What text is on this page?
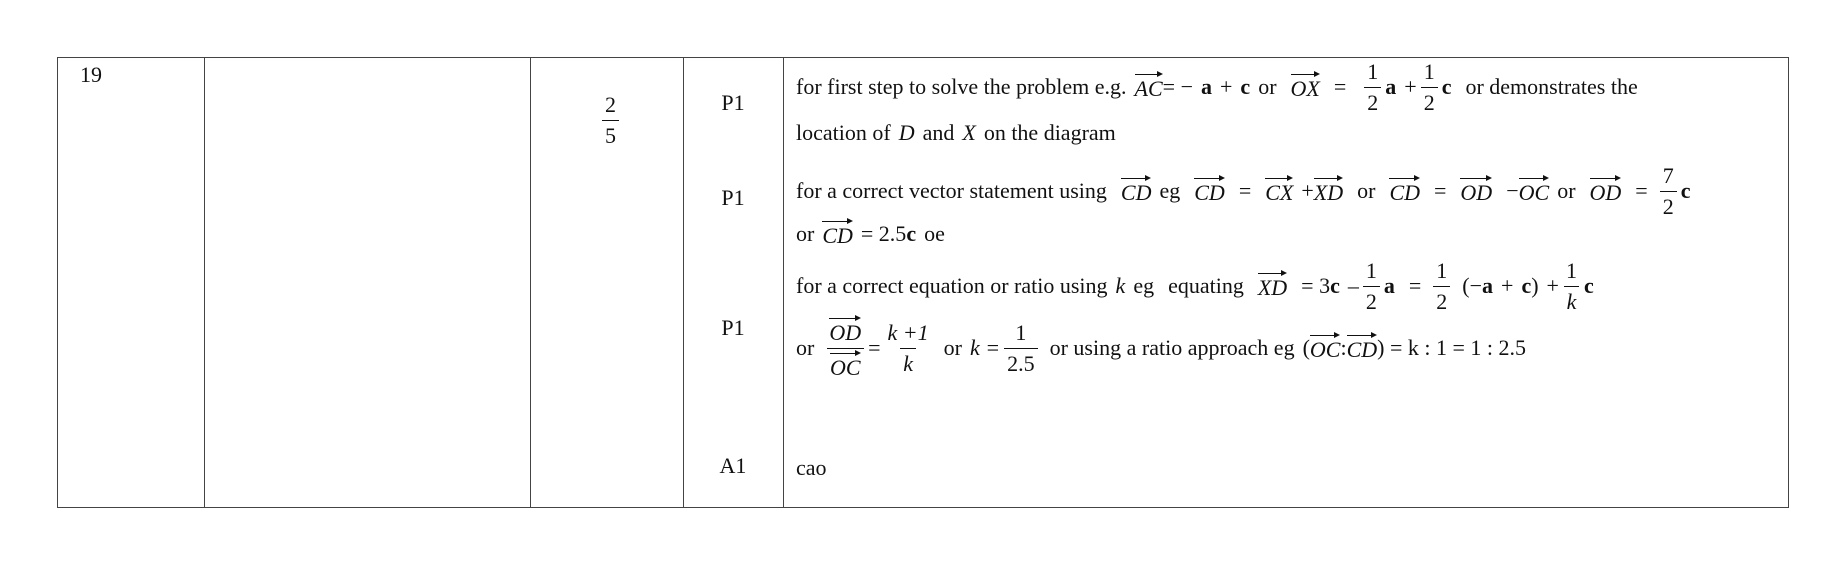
19
$\frac{2}{5}$	P1
P1
P1
A1
for first step to solve the problem e.g. AC = − a + c or OX = $\frac{1}{2}$ $a + \frac{1}{2}$ c or demonstrates the
location of D and X on the diagram
for a correct vector statement using CD eg CD = CX + XD or CD = OD − OC or OD = $\frac{7}{2}$ c
or CD = 2.5 c oe
for a correct equation or ratio using k eg equating XD = 3 c – $\frac{1}{2}$ $a = \frac{1}{2}$ (− a + c ) + $\frac{1}{k}$ c
or $\frac{OD}{OC} = \frac{k +1}{k}$ or $k = \frac{1}{2.5}$ or using a ratio approach eg ( OC : CD ) = k : 1 = 1 : 2.5
cao
